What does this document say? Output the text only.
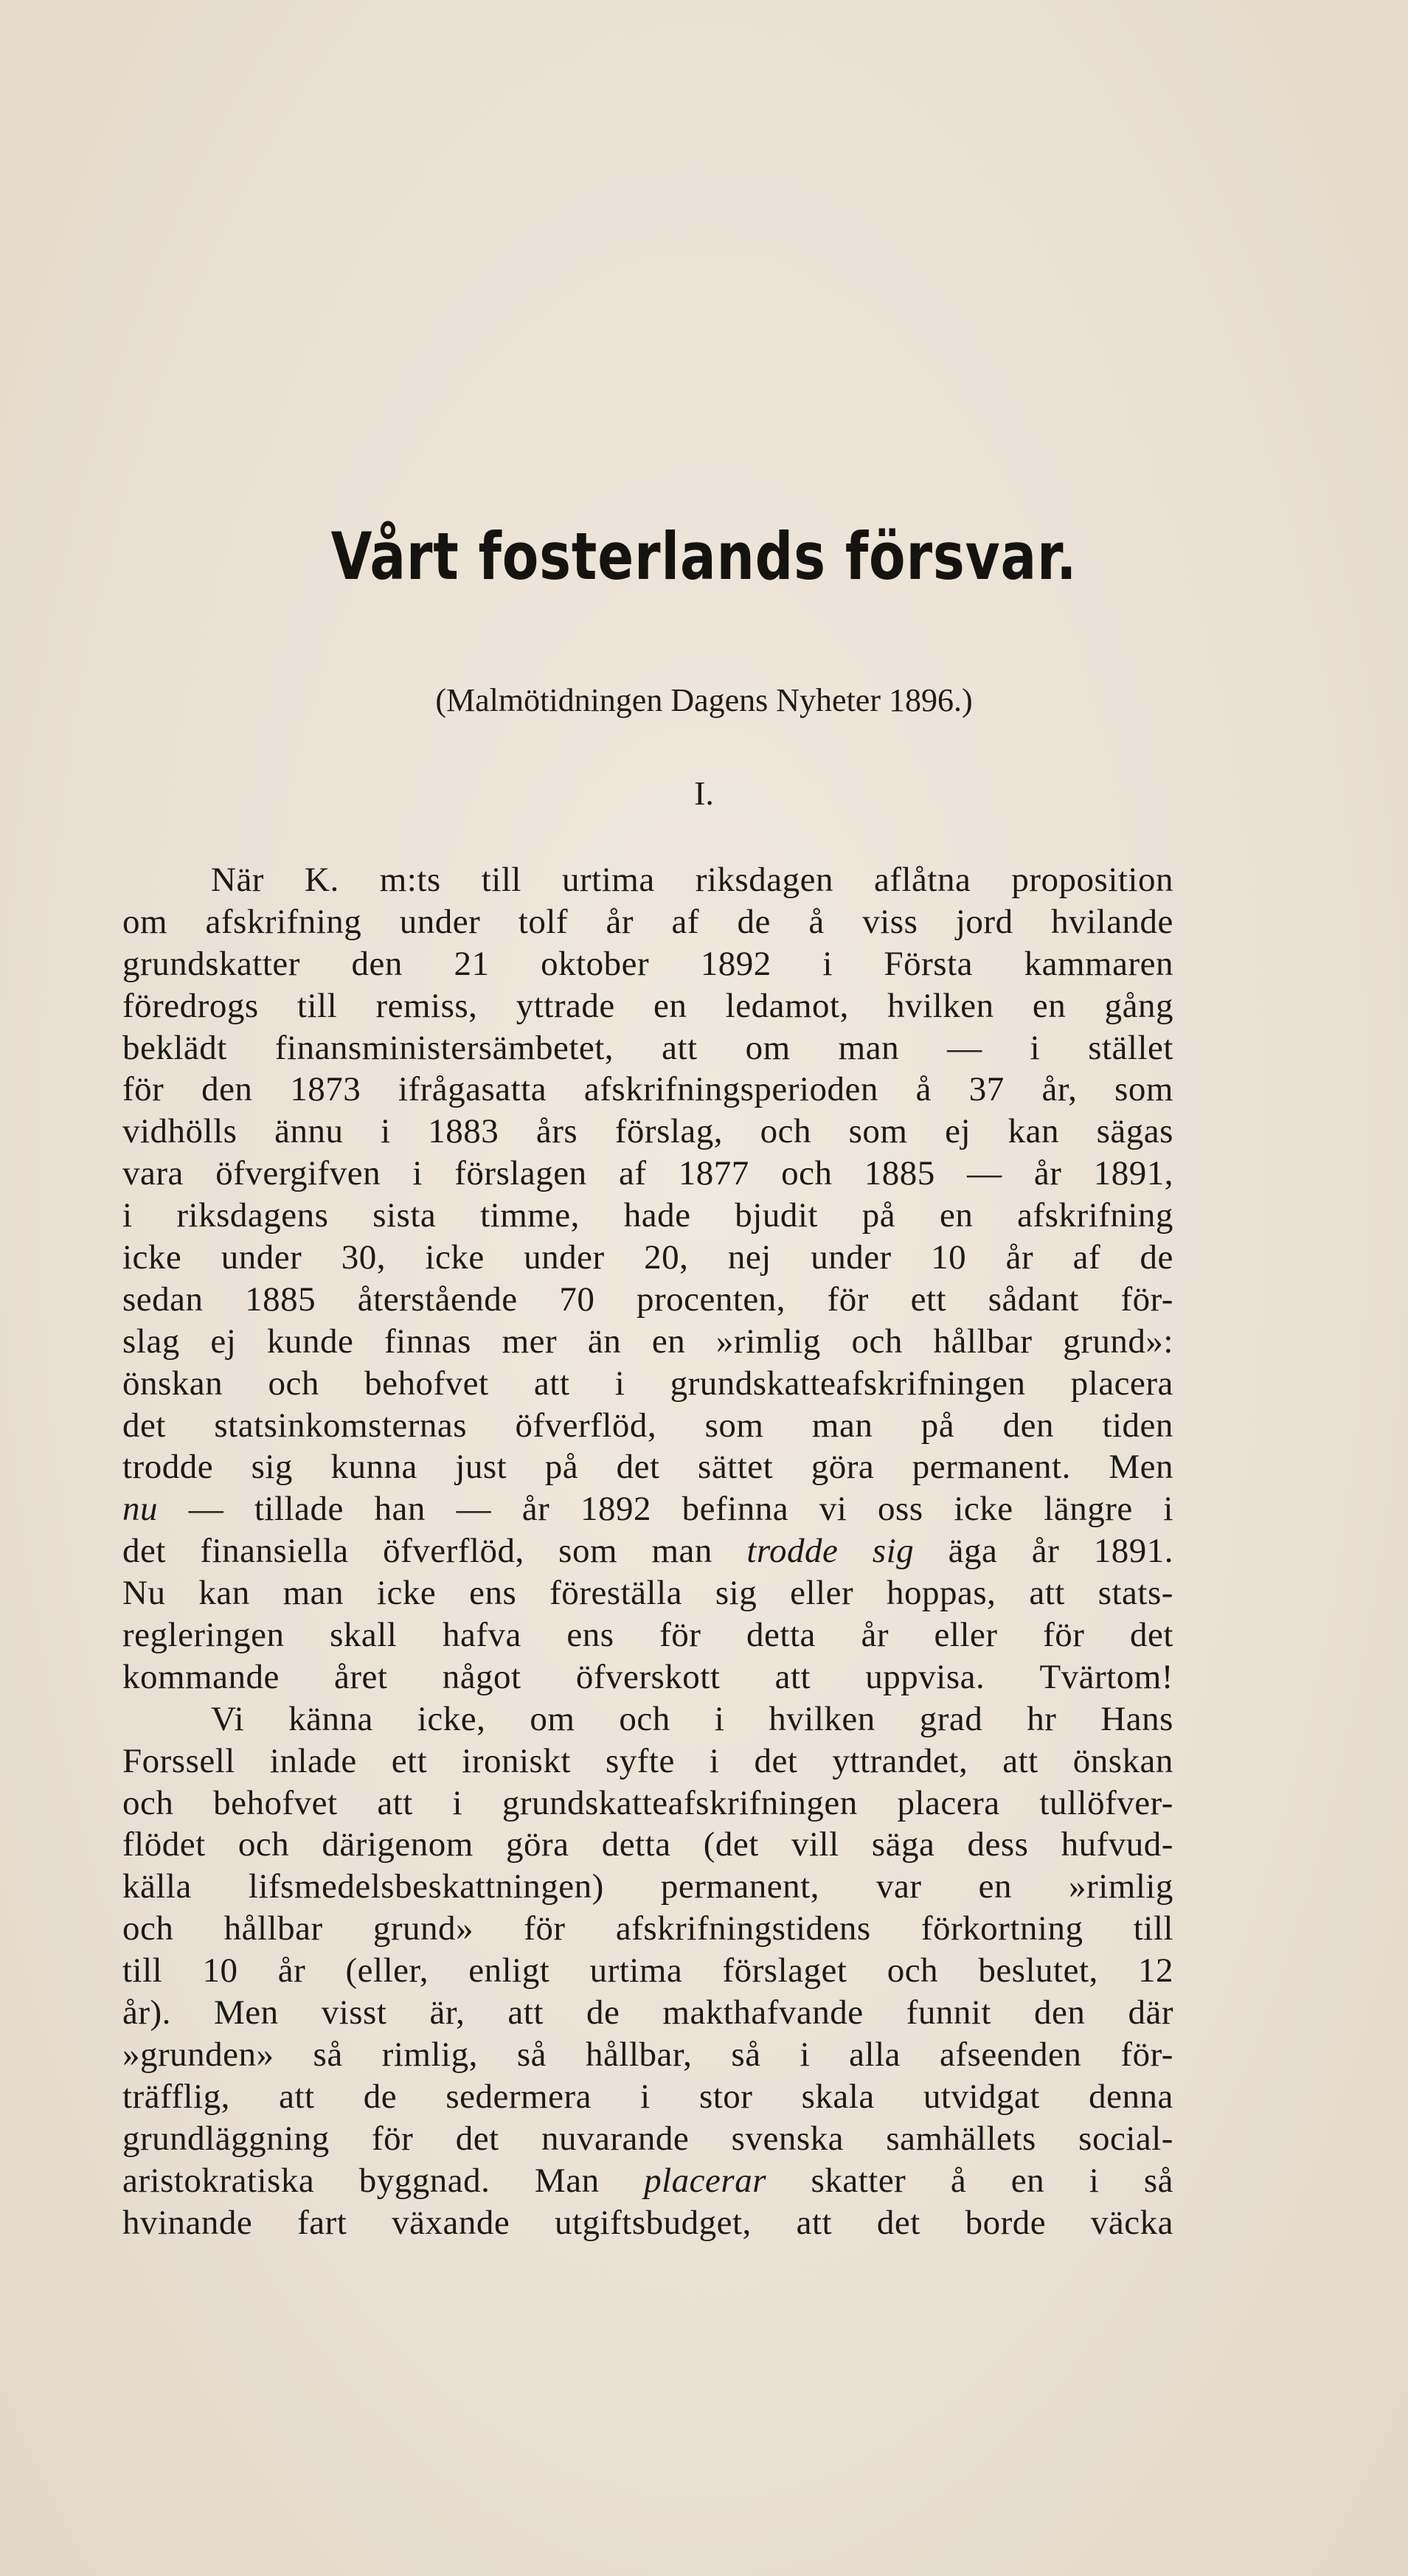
Vårt fosterlands försvar.

(Malmötidningen Dagens Nyheter 1896.)

I.

När K. m:ts till urtima riksdagen aflåtna proposition
om afskrifning under tolf år af de å viss jord hvilande
grundskatter den 21 oktober 1892 i Första kammaren
föredrogs till remiss, yttrade en ledamot, hvilken en gång
beklädt finansministersämbetet, att om man — i stället
för den 1873 ifrågasatta afskrifningsperioden å 37 år, som
vidhölls ännu i 1883 års förslag, och som ej kan sägas
vara öfvergifven i förslagen af 1877 och 1885 — år 1891,
i riksdagens sista timme, hade bjudit på en afskrifning
icke under 30, icke under 20, nej under 10 år af de
sedan 1885 återstående 70 procenten, för ett sådant för-
slag ej kunde finnas mer än en »rimlig och hållbar grund»:
önskan och behofvet att i grundskatteafskrifningen placera
det statsinkomsternas öfverflöd, som man på den tiden
trodde sig kunna just på det sättet göra permanent. Men
nu — tillade han — år 1892 befinna vi oss icke längre i
det finansiella öfverflöd, som man trodde sig äga år 1891.
Nu kan man icke ens föreställa sig eller hoppas, att stats-
regleringen skall hafva ens för detta år eller för det
kommande året något öfverskott att uppvisa. Tvärtom!
Vi känna icke, om och i hvilken grad hr Hans
Forssell inlade ett ironiskt syfte i det yttrandet, att önskan
och behofvet att i grundskatteafskrifningen placera tullöfver-
flödet och därigenom göra detta (det vill säga dess hufvud-
källa lifsmedelsbeskattningen) permanent, var en »rimlig
och hållbar grund» för afskrifningstidens förkortning till
till 10 år (eller, enligt urtima förslaget och beslutet, 12
år). Men visst är, att de makthafvande funnit den där
»grunden» så rimlig, så hållbar, så i alla afseenden för-
träfflig, att de sedermera i stor skala utvidgat denna
grundläggning för det nuvarande svenska samhällets social-
aristokratiska byggnad. Man placerar skatter å en i så
hvinande fart växande utgiftsbudget, att det borde väcka
